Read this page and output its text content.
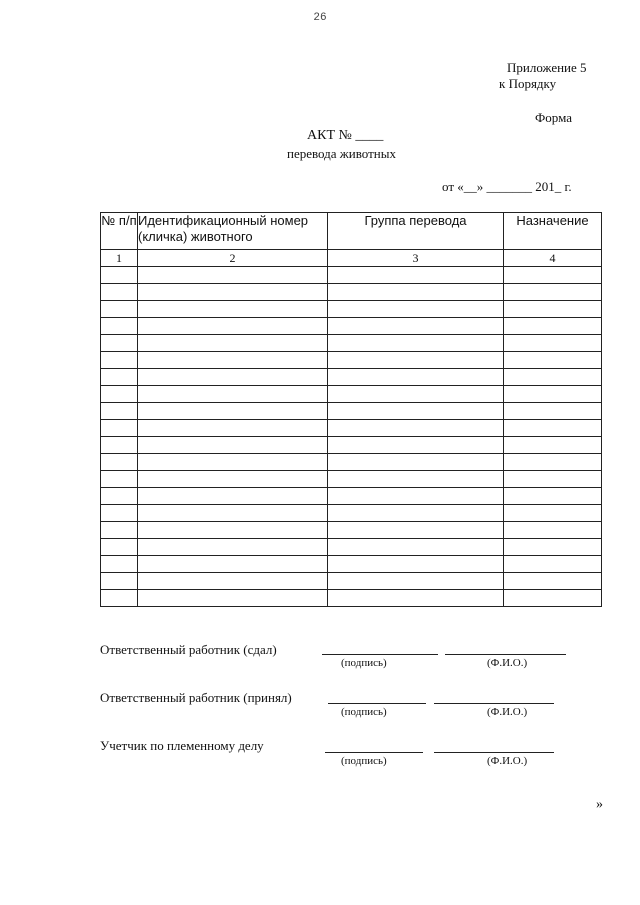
26
Приложение 5
к Порядку
Форма
АКТ № ____
перевода животных
от «__» _______ 201_ г.
№ п/п	Идентификационный номер (кличка) животного	Группа перевода	Назначение
1	2	3	4

Ответственный работник (сдал)
(подпись)	(Ф.И.О.)
Ответственный работник (принял)
(подпись)	(Ф.И.О.)
Учетчик по племенному делу
(подпись)	(Ф.И.О.)
»
